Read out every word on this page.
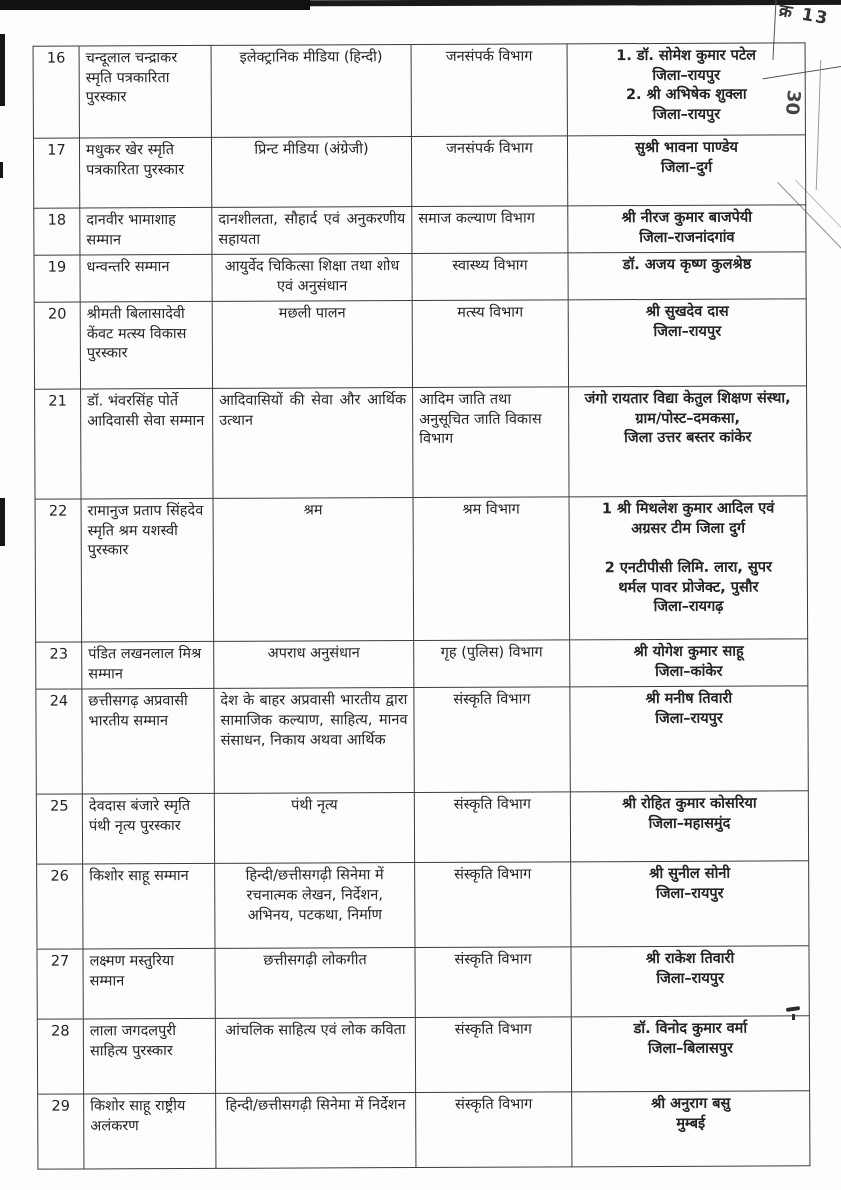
क्र 13
30
16	चन्दूलाल चन्द्राकर स्मृति पत्रकारिता पुरस्कार	इलेक्ट्रानिक मीडिया (हिन्दी)	जनसंपर्क विभाग	1. डॉ. सोमेश कुमार पटेल
जिला–रायपुर
2. श्री अभिषेक शुक्ला
जिला–रायपुर

17	मधुकर खेर स्मृति पत्रकारिता पुरस्कार	प्रिन्ट मीडिया (अंग्रेजी)	जनसंपर्क विभाग	सुश्री भावना पाण्डेय
जिला–दुर्ग

18	दानवीर भामाशाह सम्मान	दानशीलता, सौहार्द एवं अनुकरणीय सहायता	समाज कल्याण विभाग	श्री नीरज कुमार बाजपेयी
जिला–राजनांदगांव

19	धन्वन्तरि सम्मान	आयुर्वेद चिकित्सा शिक्षा तथा शोध एवं अनुसंधान	स्वास्थ्य विभाग	डॉ. अजय कृष्ण कुलश्रेष्ठ

20	श्रीमती बिलासादेवी केंवट मत्स्य विकास पुरस्कार	मछली पालन	मत्स्य विभाग	श्री सुखदेव दास
जिला–रायपुर

21	डॉ. भंवरसिंह पोर्ते आदिवासी सेवा सम्मान	आदिवासियों की सेवा और आर्थिक उत्थान	आदिम जाति तथा अनुसूचित जाति विकास विभाग	जंगो रायतार विद्या केतुल शिक्षण संस्था,
ग्राम/पोस्ट–दमकसा,
जिला उत्तर बस्तर कांकेर

22	रामानुज प्रताप सिंहदेव स्मृति श्रम यशस्वी पुरस्कार	श्रम	श्रम विभाग	1 श्री मिथलेश कुमार आदिल एवं
अग्रसर टीम जिला दुर्ग

2 एनटीपीसी लिमि. लारा, सुपर
थर्मल पावर प्रोजेक्ट, पुसौर
जिला–रायगढ़

23	पंडित लखनलाल मिश्र सम्मान	अपराध अनुसंधान	गृह (पुलिस) विभाग	श्री योगेश कुमार साहू
जिला–कांकेर

24	छत्तीसगढ़ अप्रवासी भारतीय सम्मान	देश के बाहर अप्रवासी भारतीय द्वारा सामाजिक कल्याण, साहित्य, मानव संसाधन, निकाय अथवा आर्थिक	संस्कृति विभाग	श्री मनीष तिवारी
जिला–रायपुर

25	देवदास बंजारे स्मृति पंथी नृत्य पुरस्कार	पंथी नृत्य	संस्कृति विभाग	श्री रोहित कुमार कोसरिया
जिला–महासमुंद

26	किशोर साहू सम्मान	हिन्दी/छत्तीसगढ़ी सिनेमा में रचनात्मक लेखन, निर्देशन, अभिनय, पटकथा, निर्माण	संस्कृति विभाग	श्री सुनील सोनी
जिला–रायपुर

27	लक्ष्मण मस्तुरिया सम्मान	छत्तीसगढ़ी लोकगीत	संस्कृति विभाग	श्री राकेश तिवारी
जिला–रायपुर

28	लाला जगदलपुरी साहित्य पुरस्कार	आंचलिक साहित्य एवं लोक कविता	संस्कृति विभाग	डॉ. विनोद कुमार वर्मा
जिला–बिलासपुर

29	किशोर साहू राष्ट्रीय अलंकरण	हिन्दी/छत्तीसगढ़ी सिनेमा में निर्देशन	संस्कृति विभाग	श्री अनुराग बसु
मुम्बई
